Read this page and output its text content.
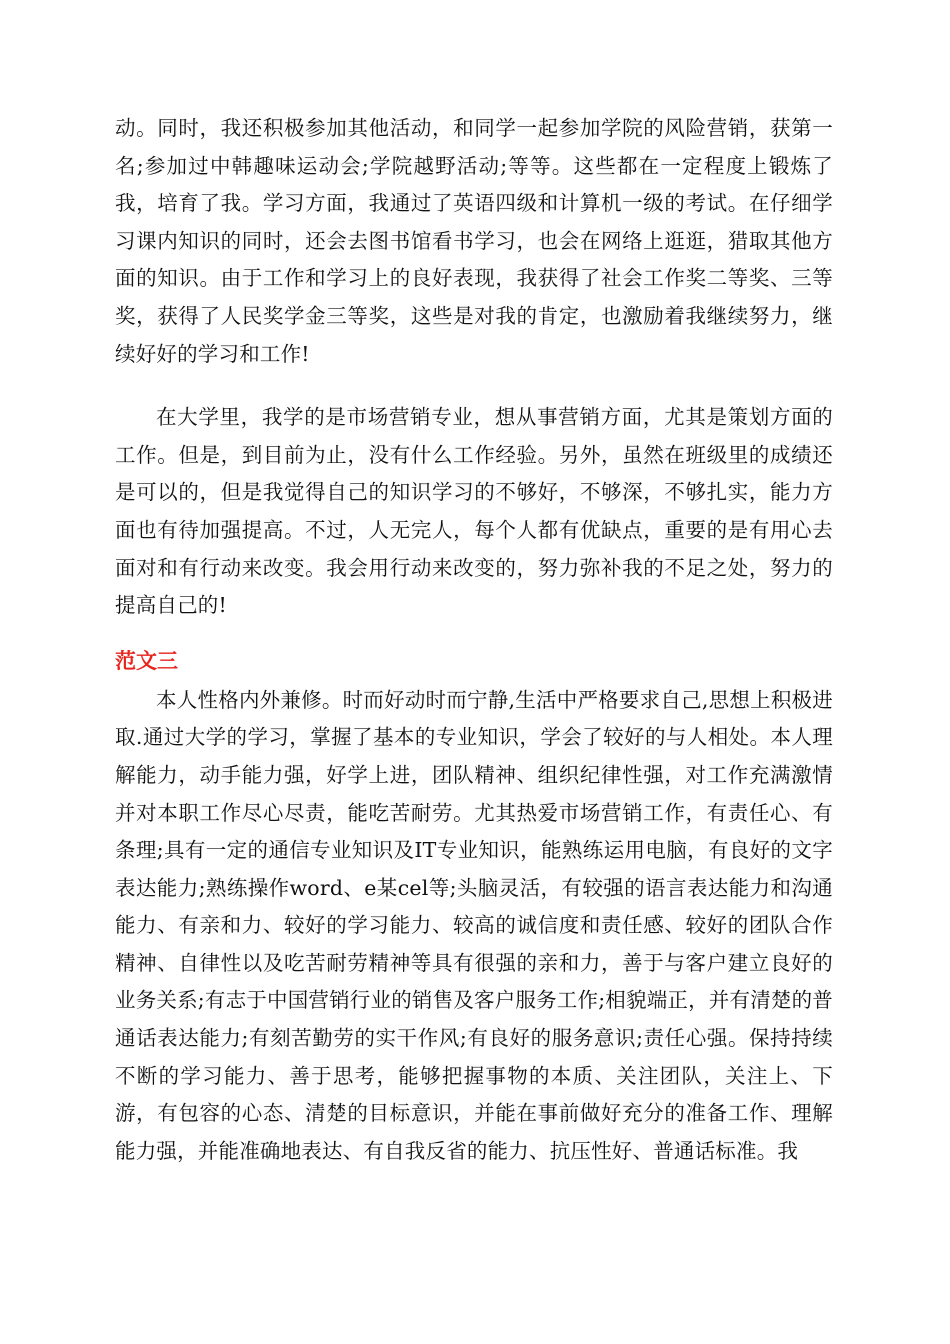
动。同时，我还积极参加其他活动，和同学一起参加学院的风险营销，获第一名;参加过中韩趣味运动会;学院越野活动;等等。这些都在一定程度上锻炼了我，培育了我。学习方面，我通过了英语四级和计算机一级的考试。在仔细学习课内知识的同时，还会去图书馆看书学习，也会在网络上逛逛，猎取其他方面的知识。由于工作和学习上的良好表现，我获得了社会工作奖二等奖、三等奖，获得了人民奖学金三等奖，这些是对我的肯定，也激励着我继续努力，继续好好的学习和工作!

在大学里，我学的是市场营销专业，想从事营销方面，尤其是策划方面的工作。但是，到目前为止，没有什么工作经验。另外，虽然在班级里的成绩还是可以的，但是我觉得自己的知识学习的不够好，不够深，不够扎实，能力方面也有待加强提高。不过，人无完人，每个人都有优缺点，重要的是有用心去面对和有行动来改变。我会用行动来改变的，努力弥补我的不足之处，努力的提高自己的!

范文三

本人性格内外兼修。时而好动时而宁静,生活中严格要求自己,思想上积极进取.通过大学的学习，掌握了基本的专业知识，学会了较好的与人相处。本人理解能力，动手能力强，好学上进，团队精神、组织纪律性强，对工作充满激情并对本职工作尽心尽责，能吃苦耐劳。尤其热爱市场营销工作，有责任心、有条理;具有一定的通信专业知识及IT专业知识，能熟练运用电脑，有良好的文字表达能力;熟练操作word、e某cel等;头脑灵活，有较强的语言表达能力和沟通能力、有亲和力、较好的学习能力、较高的诚信度和责任感、较好的团队合作精神、自律性以及吃苦耐劳精神等具有很强的亲和力，善于与客户建立良好的业务关系;有志于中国营销行业的销售及客户服务工作;相貌端正，并有清楚的普通话表达能力;有刻苦勤劳的实干作风;有良好的服务意识;责任心强。保持持续不断的学习能力、善于思考，能够把握事物的本质、关注团队，关注上、下游，有包容的心态、清楚的目标意识，并能在事前做好充分的准备工作、理解能力强，并能准确地表达、有自我反省的能力、抗压性好、普通话标准。我
